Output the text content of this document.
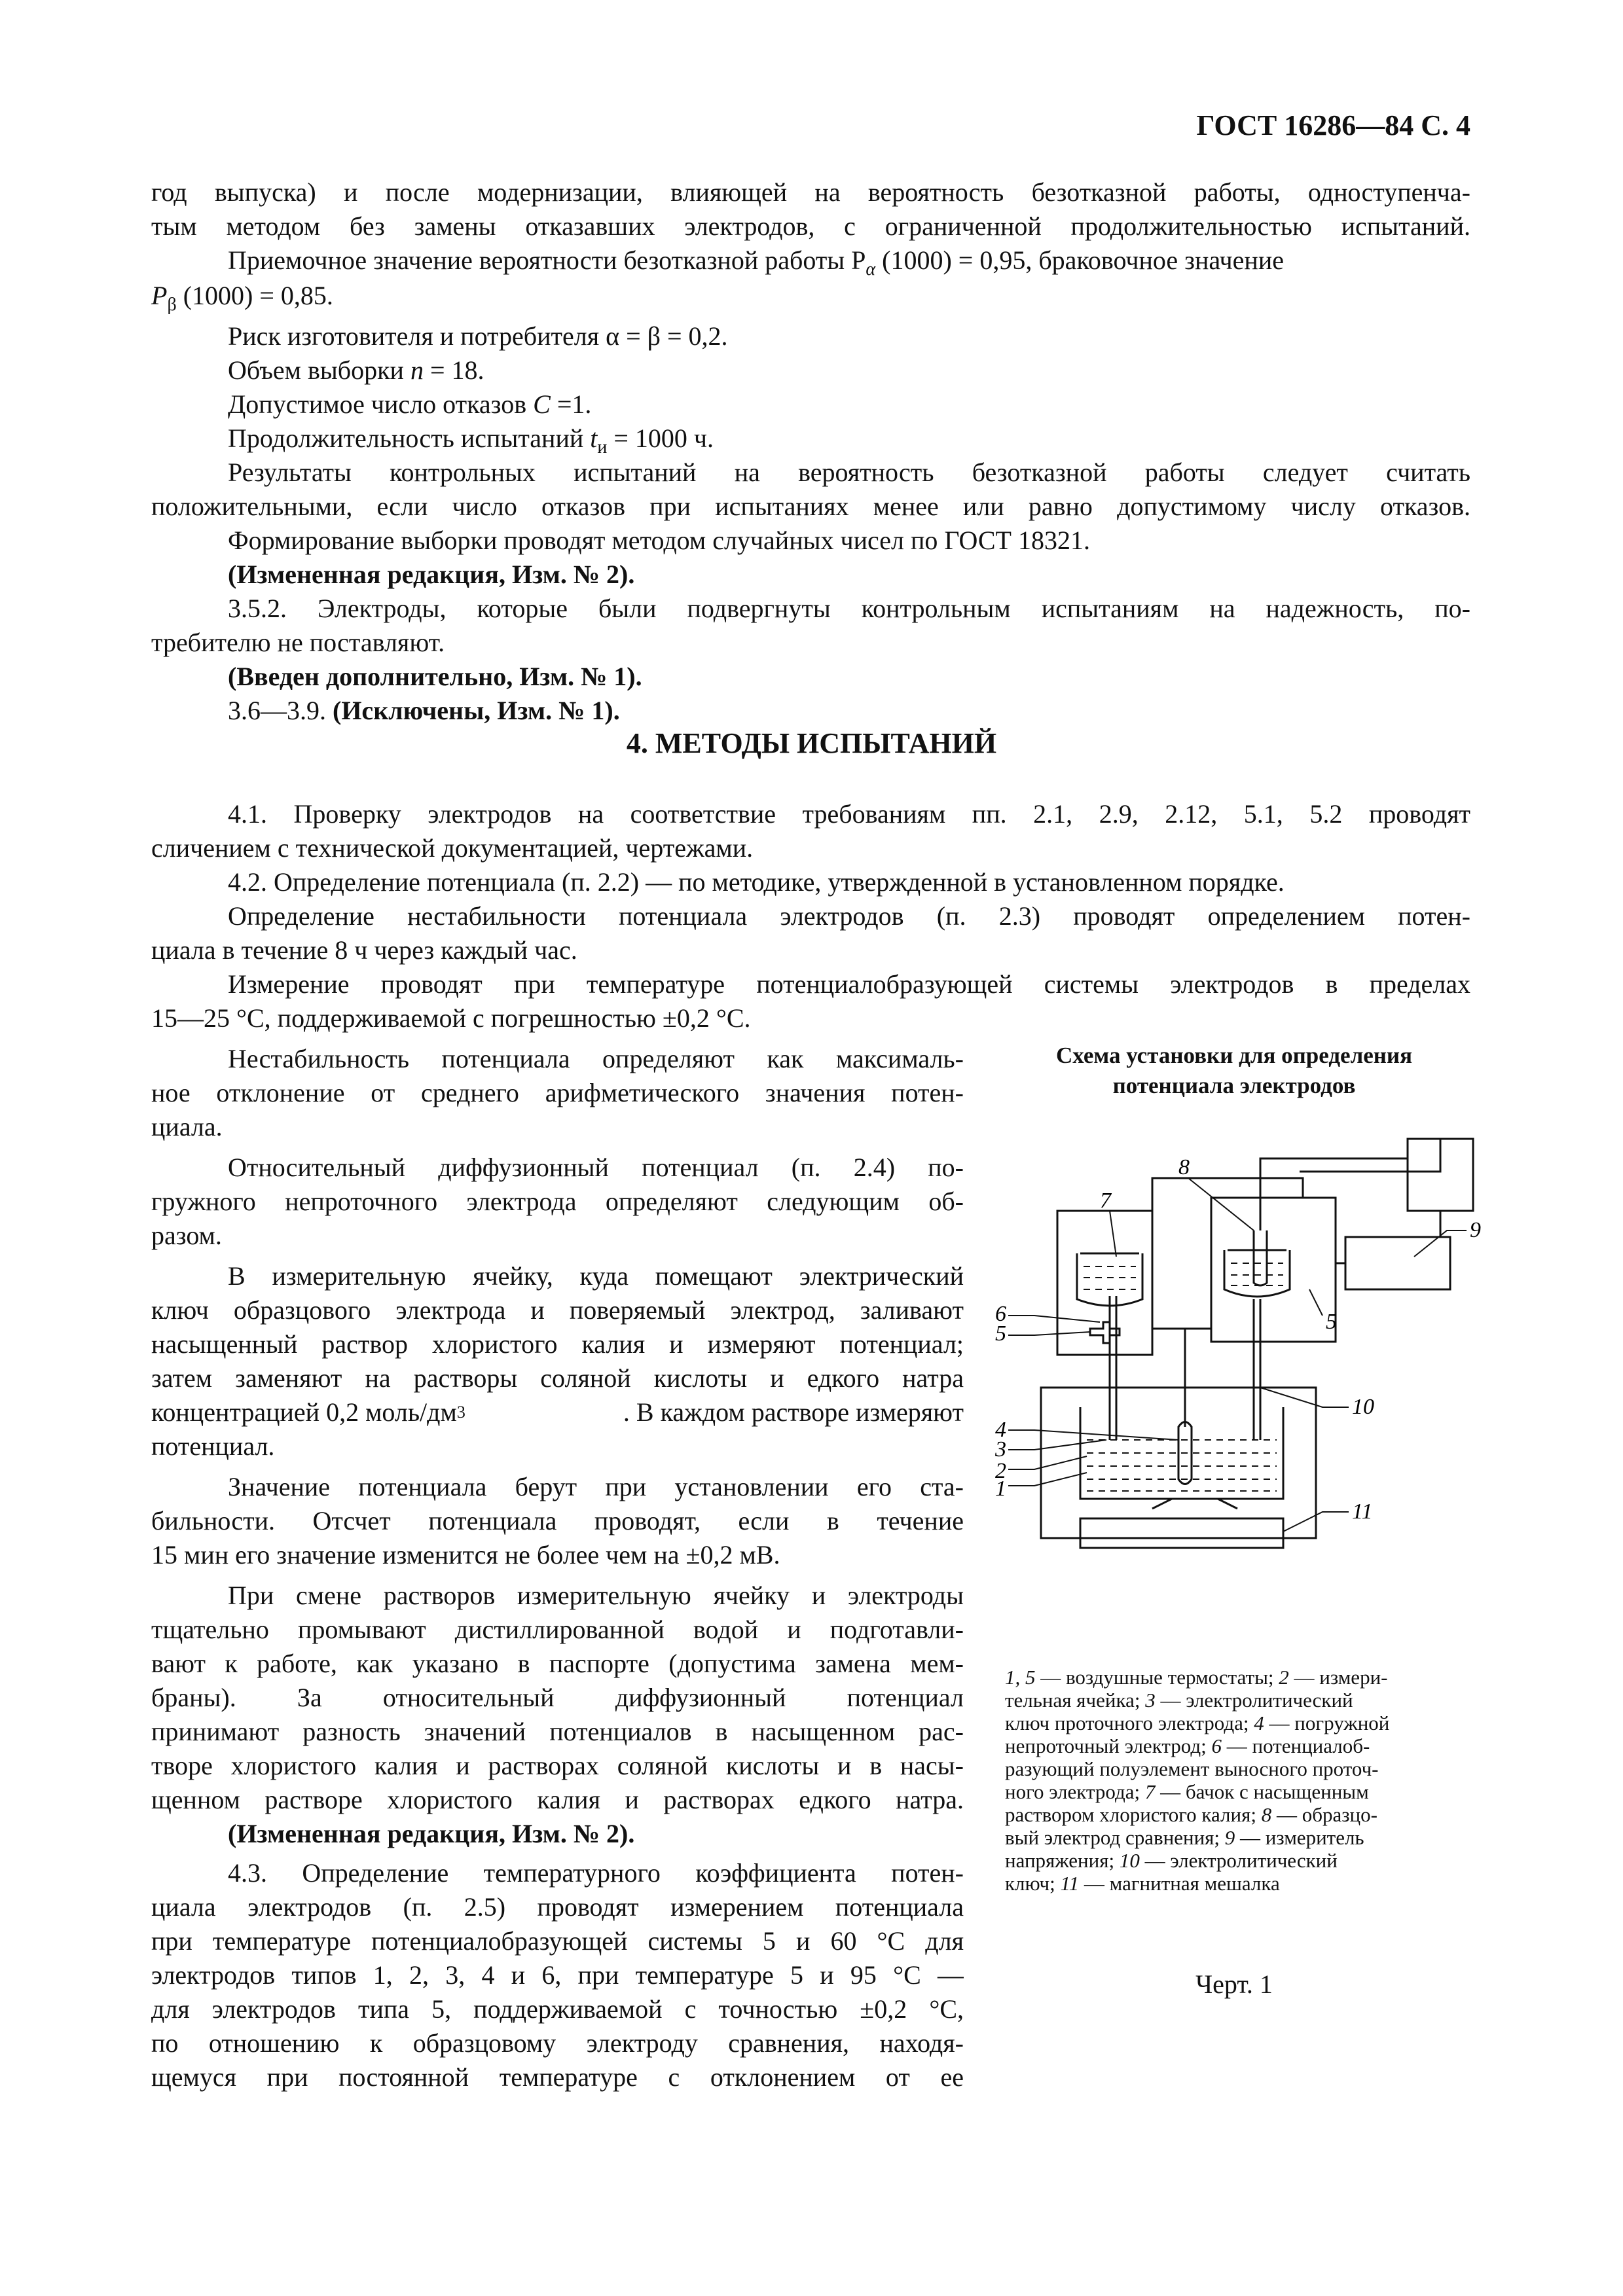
ГОСТ 16286—84 С. 4
год выпуска) и после модернизации, влияющей на вероятность безотказной работы, одноступенча-
тым методом без замены отказавших электродов, с ограниченной продолжительностью испытаний.
Приемочное значение вероятности безотказной работы $P_\alpha$ (1000) = 0,95, браковочное значение
$P_\beta$ (1000) = 0,85.
Риск изготовителя и потребителя α = β = 0,2.
Объем выборки n = 18.
Допустимое число отказов C =1.
Продолжительность испытаний $t_и = 1000$ ч.
Результаты контрольных испытаний на вероятность безотказной работы следует считать
положительными, если число отказов при испытаниях менее или равно допустимому числу отказов.
Формирование выборки проводят методом случайных чисел по ГОСТ 18321.
(Измененная редакция, Изм. № 2).
3.5.2. Электроды, которые были подвергнуты контрольным испытаниям на надежность, по-
требителю не поставляют.
(Введен дополнительно, Изм. № 1).
3.6—3.9. (Исключены, Изм. № 1).
4. МЕТОДЫ ИСПЫТАНИЙ
4.1. Проверку электродов на соответствие требованиям пп. 2.1, 2.9, 2.12, 5.1, 5.2 проводят
сличением с технической документацией, чертежами.
4.2. Определение потенциала (п. 2.2) — по методике, утвержденной в установленном порядке.
Определение нестабильности потенциала электродов (п. 2.3) проводят определением потен-
циала в течение 8 ч через каждый час.
Измерение проводят при температуре потенциалобразующей системы электродов в пределах
15—25 °С, поддерживаемой с погрешностью ±0,2 °С.
Нестабильность потенциала определяют как максималь-
ное отклонение от среднего арифметического значения потен-
циала.
Относительный диффузионный потенциал (п. 2.4) по-
гружного непроточного электрода определяют следующим об-
разом.
В измерительную ячейку, куда помещают электрический
ключ образцового электрода и поверяемый электрод, заливают
насыщенный раствор хлористого калия и измеряют потенциал;
затем заменяют на растворы соляной кислоты и едкого натра
концентрацией 0,2 моль/дм 3	. В каждом растворе измеряют
потенциал.
Значение потенциала берут при установлении его ста-
бильности. Отсчет потенциала проводят, если в течение
15 мин его значение изменится не более чем на ±0,2 мВ.
При смене растворов измерительную ячейку и электроды
тщательно промывают дистиллированной водой и подготавли-
вают к работе, как указано в паспорте (допустима замена мем-
браны). За относительный диффузионный потенциал
принимают разность значений потенциалов в насыщенном рас-
творе хлористого калия и растворах соляной кислоты и в насы-
щенном растворе хлористого калия и растворах едкого натра.
(Измененная редакция, Изм. № 2).
4.3. Определение температурного коэффициента потен-
циала электродов (п. 2.5) проводят измерением потенциала
при температуре потенциалобразующей системы 5 и 60 °С для
электродов типов 1, 2, 3, 4 и 6, при температуре 5 и 95 °С —
для электродов типа 5, поддерживаемой с точностью ±0,2 °С,
по отношению к образцовому электроду сравнения, находя-
щемуся при постоянной температуре с отклонением от ее
Схема установки для определения
потенциала электродов
1
2
3
4
5
6
7
8
9
10
11
5
1, 5 — воздушные термостаты; 2 — измери-
тельная ячейка; 3 — электролитический
ключ проточного электрода; 4 — погружной
непроточный электрод; 6 — потенциалоб-
разующий полуэлемент выносного проточ-
ного электрода; 7 — бачок с насыщенным
раствором хлористого калия; 8 — образцо-
вый электрод сравнения; 9 — измеритель
напряжения; 10 — электролитический
ключ; 11 — магнитная мешалка
Черт. 1
